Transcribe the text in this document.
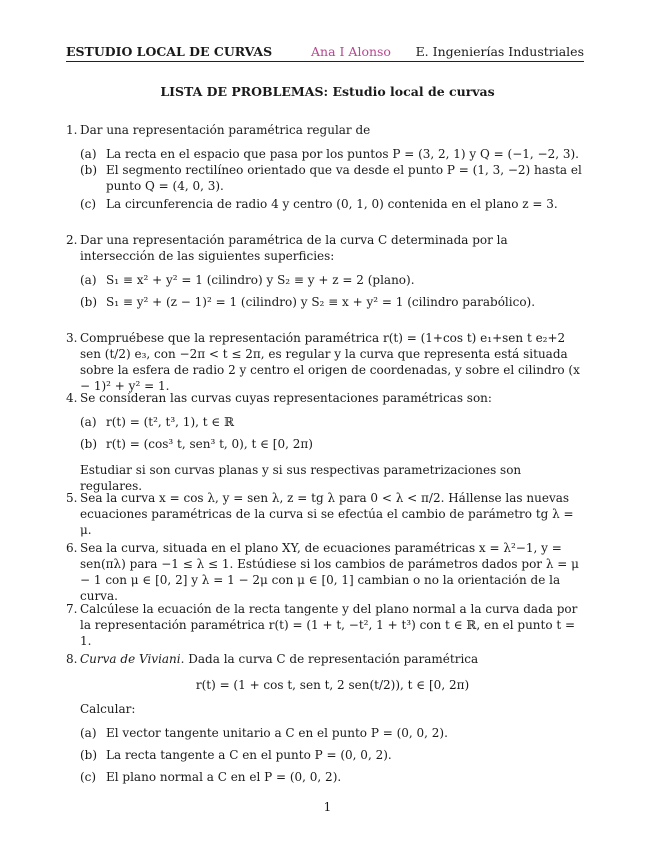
ESTUDIO LOCAL DE CURVAS	Ana I Alonso E. Ingenierías Industriales
LISTA DE PROBLEMAS: Estudio local de curvas
1. Dar una representación paramétrica regular de
(a) La recta en el espacio que pasa por los puntos P = (3, 2, 1) y Q = (−1, −2, 3).
(b) El segmento rectilíneo orientado que va desde el punto P = (1, 3, −2) hasta el punto Q = (4, 0, 3).
(c) La circunferencia de radio 4 y centro (0, 1, 0) contenida en el plano z = 3.
2. Dar una representación paramétrica de la curva C determinada por la intersección de las siguientes superficies:
(a) S₁ ≡ x² + y² = 1 (cilindro) y S₂ ≡ y + z = 2 (plano).
(b) S₁ ≡ y² + (z − 1)² = 1 (cilindro) y S₂ ≡ x + y² = 1 (cilindro parabólico).
3. Compruébese que la representación paramétrica r(t) = (1+cos t) e₁+sen t e₂+2 sen (t/2) e₃, con −2π < t ≤ 2π, es regular y la curva que representa está situada sobre la esfera de radio 2 y centro el origen de coordenadas, y sobre el cilindro (x − 1)² + y² = 1.
4. Se consideran las curvas cuyas representaciones paramétricas son:
(a) r(t) = (t², t³, 1), t ∈ ℝ
(b) r(t) = (cos³ t, sen³ t, 0), t ∈ [0, 2π)
Estudiar si son curvas planas y si sus respectivas parametrizaciones son regulares.
5. Sea la curva x = cos λ, y = sen λ, z = tg λ para 0 < λ < π/2. Hállense las nuevas ecuaciones paramétricas de la curva si se efectúa el cambio de parámetro tg λ = μ.
6. Sea la curva, situada en el plano XY, de ecuaciones paramétricas x = λ²−1, y = sen(πλ) para −1 ≤ λ ≤ 1. Estúdiese si los cambios de parámetros dados por λ = μ − 1 con μ ∈ [0, 2] y λ = 1 − 2μ con μ ∈ [0, 1] cambian o no la orientación de la curva.
7. Calcúlese la ecuación de la recta tangente y del plano normal a la curva dada por la representación paramétrica r(t) = (1 + t, −t², 1 + t³) con t ∈ ℝ, en el punto t = 1.
8. Curva de Viviani. Dada la curva C de representación paramétrica
r(t) = (1 + cos t, sen t, 2 sen(t/2)), t ∈ [0, 2π)
Calcular:
(a) El vector tangente unitario a C en el punto P = (0, 0, 2).
(b) La recta tangente a C en el punto P = (0, 0, 2).
(c) El plano normal a C en el P = (0, 0, 2).
1
